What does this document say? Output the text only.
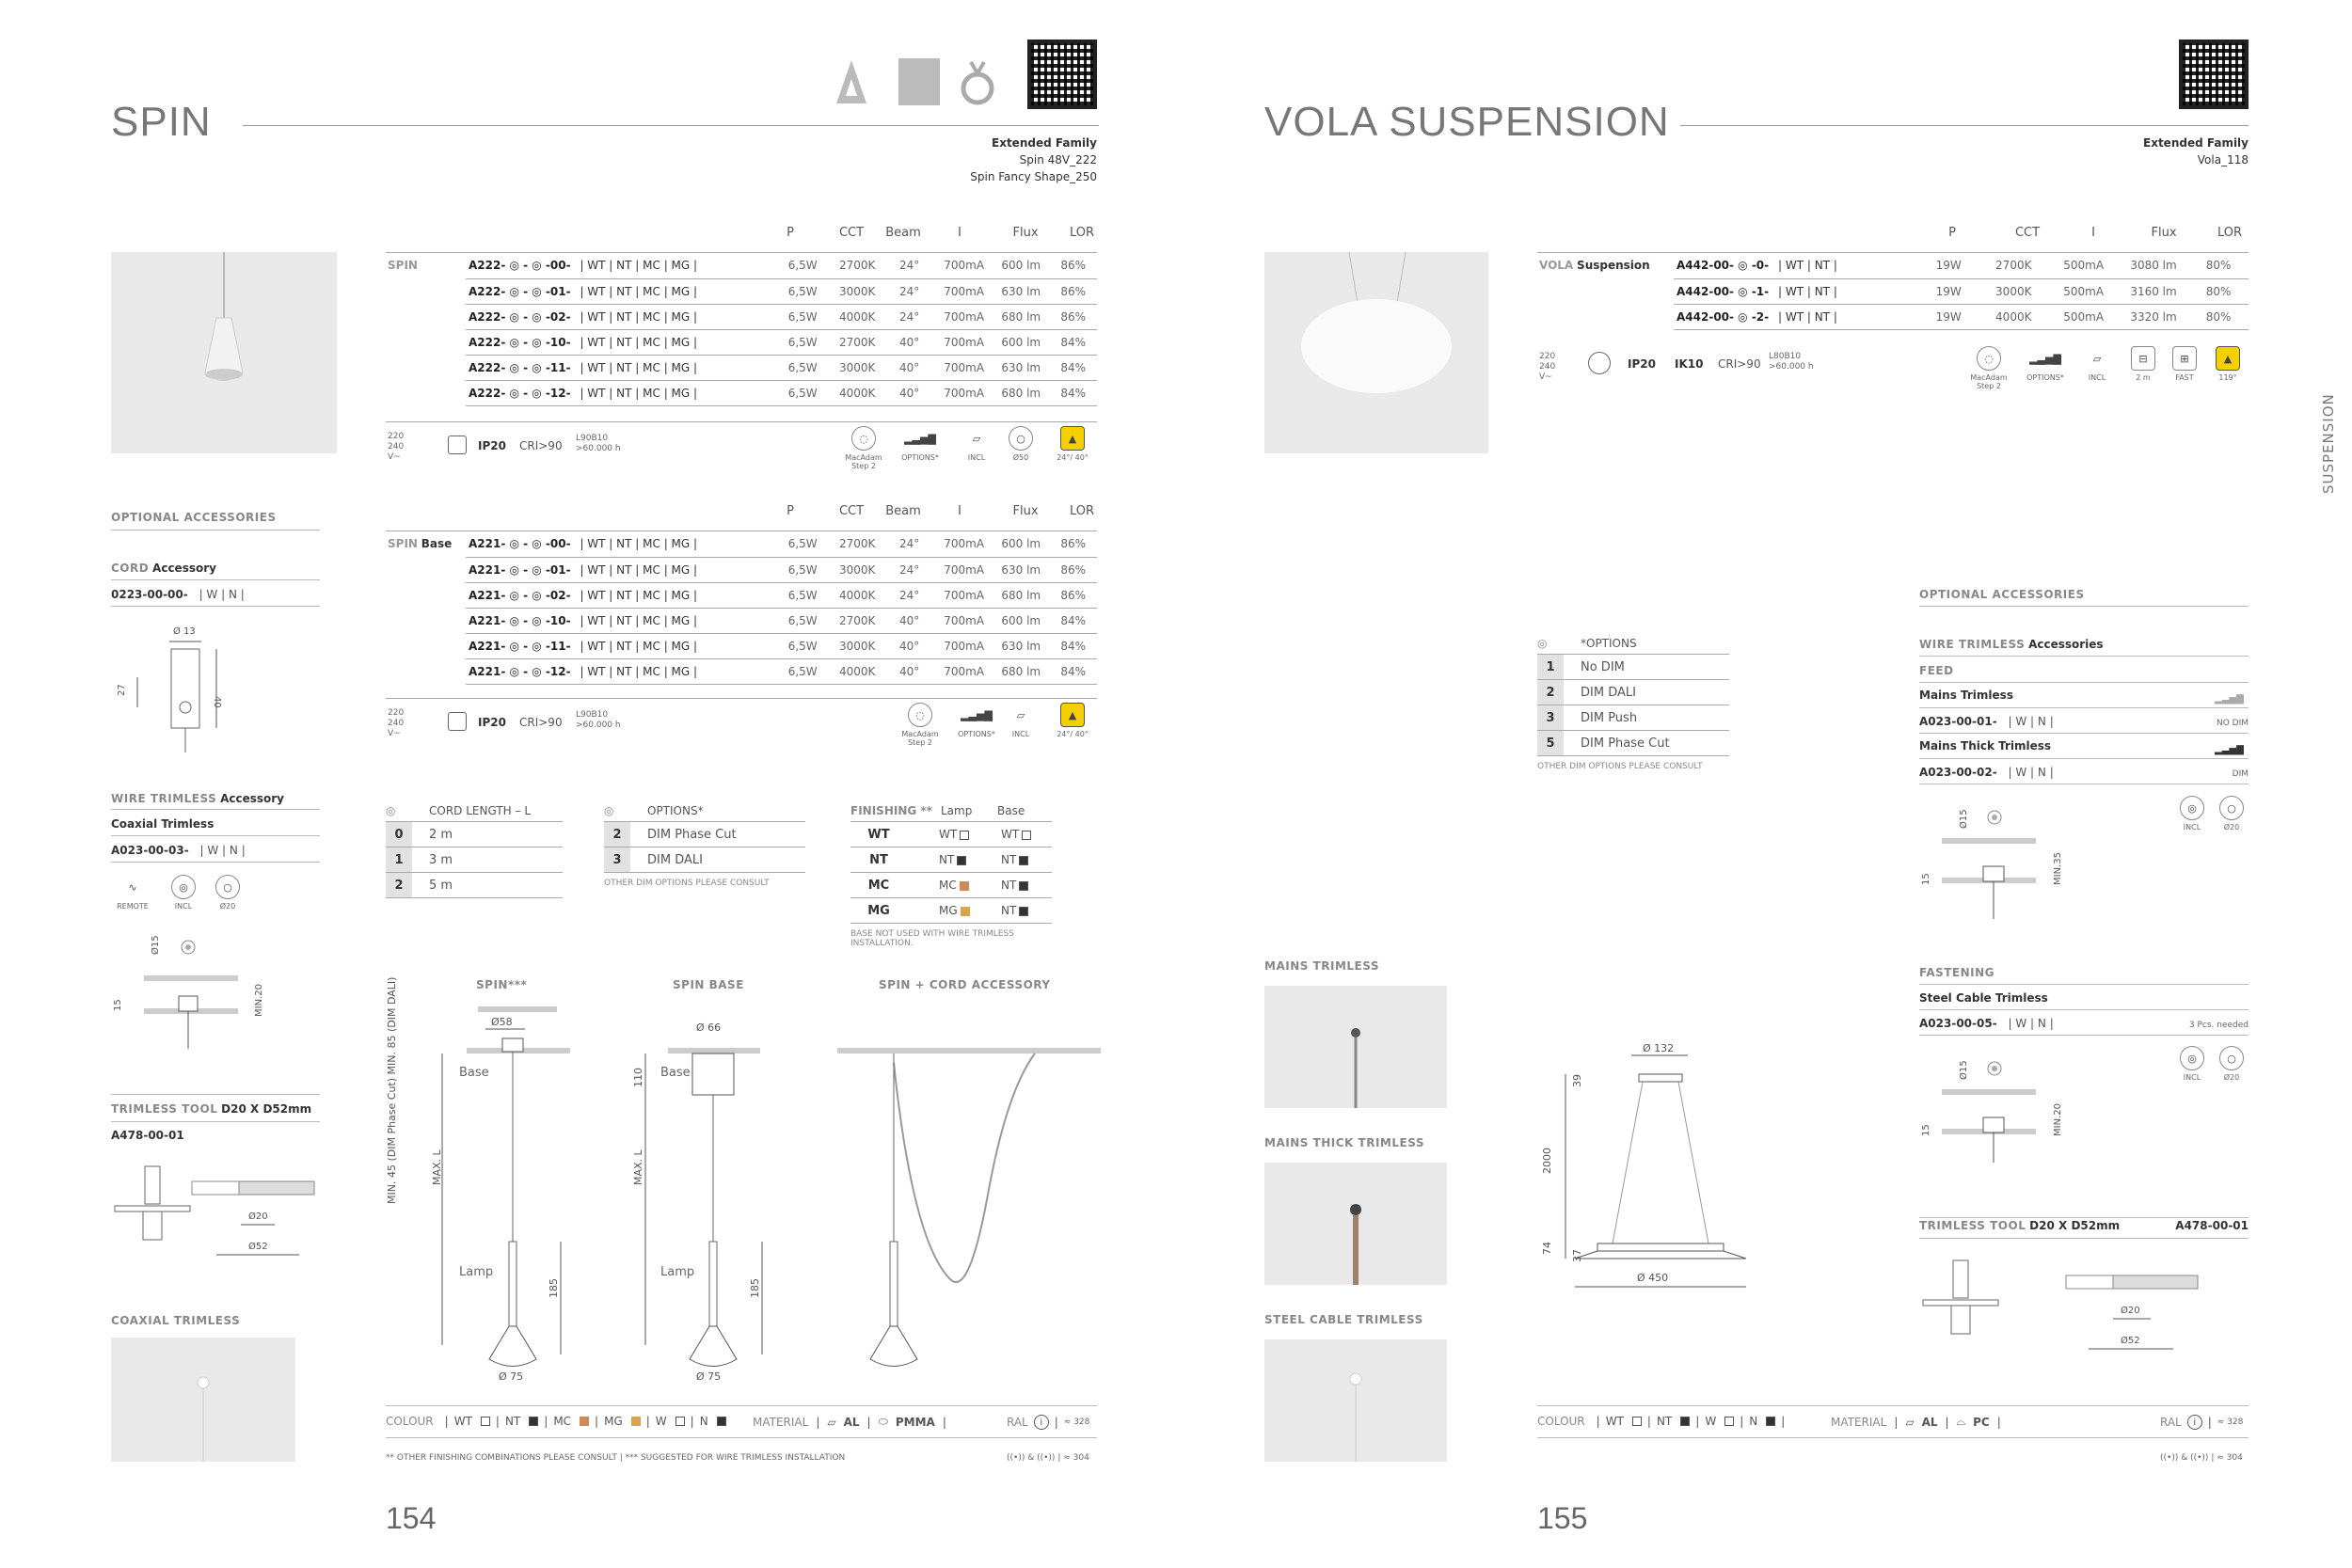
SPIN	Extended Family
Spin 48V_222
Spin Fancy Shape_250
P	CCT	Beam	I	Flux	LOR
SPIN	A222- ◎ - ◎ -00- | WT | NT | MC | MG |	6,5W	2700K	24°	700mA	600 lm	86%
A222- ◎ - ◎ -01- | WT | NT | MC | MG |	6,5W	3000K	24°	700mA	630 lm	86%
A222- ◎ - ◎ -02- | WT | NT | MC | MG |	6,5W	4000K	24°	700mA	680 lm	86%
A222- ◎ - ◎ -10- | WT | NT | MC | MG |	6,5W	2700K	40°	700mA	600 lm	84%
A222- ◎ - ◎ -11- | WT | NT | MC | MG |	6,5W	3000K	40°	700mA	630 lm	84%
A222- ◎ - ◎ -12- | WT | NT | MC | MG |	6,5W	4000K	40°	700mA	680 lm	84%
220 240 V~
IP20 CRI>90
L90B10 >60.000 h
◌
MacAdam Step 2
▂▃▅▇
OPTIONS*
▱
INCL
○
Ø50
▲
24°/ 40°
P	CCT	Beam	I	Flux	LOR
SPIN Base A221- ◎ - ◎ -00- | WT | NT | MC | MG |	6,5W	2700K	24°	700mA	600 lm	86%
A221- ◎ - ◎ -01- | WT | NT | MC | MG |	6,5W	3000K	24°	700mA	630 lm	86%
A221- ◎ - ◎ -02- | WT | NT | MC | MG |	6,5W	4000K	24°	700mA	680 lm	86%
A221- ◎ - ◎ -10- | WT | NT | MC | MG |	6,5W	2700K	40°	700mA	600 lm	84%
A221- ◎ - ◎ -11- | WT | NT | MC | MG |	6,5W	3000K	40°	700mA	630 lm	84%
A221- ◎ - ◎ -12- | WT | NT | MC | MG |	6,5W	4000K	40°	700mA	680 lm	84%
220 240 V~
IP20 CRI>90
L90B10 >60.000 h
◌
MacAdam Step 2
▂▃▅▇
OPTIONS*
▱
INCL
▲
24°/ 40°
OPTIONAL ACCESSORIES
CORD Accessory
0223-00-00- | W | N |
Ø 13
27
40
WIRE TRIMLESS Accessory
Coaxial Trimless
A023-00-03- | W | N |
∿
REMOTE
◎
INCL
○
Ø20
Ø15
15	MIN.20
TRIMLESS TOOL D20 X D52mm
A478-00-01
Ø20
Ø52
COAXIAL TRIMLESS
◎	CORD LENGTH – L
0	2 m
1	3 m
2	5 m
◎	OPTIONS*
2	DIM Phase Cut
3	DIM DALI
OTHER DIM OPTIONS PLEASE CONSULT
FINISHING ** Lamp	Base
WT	WT	WT
NT	NT	NT
MC	MC	NT
MG	MG	NT
BASE NOT USED WITH WIRE TRIMLESS INSTALLATION.
SPIN***	SPIN BASE	SPIN + CORD ACCESSORY
Ø58
Base
Lamp
Ø 75
MAX. L
MIN. 45 (DIM Phase Cut) MIN. 85 (DIM DALI)
185
Ø 66
Base
Lamp
MAX. L
110
185
Ø 75
COLOUR | WT | NT | MC | MG | W | N	MATERIAL | ▱ AL | ⬭ PMMA |	RAL	i	| ≈ 328
** OTHER FINISHING COMBINATIONS PLEASE CONSULT | *** SUGGESTED FOR WIRE TRIMLESS INSTALLATION	((•)) & ((•)) | ≈ 304
154
VOLA SUSPENSION	Extended Family
Vola_118
SUSPENSION
P	CCT	I	Flux	LOR
VOLA Suspension A442-00- ◎ -0- | WT | NT |	19W	2700K	500mA	3080 lm	80%
A442-00- ◎ -1- | WT | NT |	19W	3000K	500mA	3160 lm	80%
A442-00- ◎ -2- | WT | NT |	19W	4000K	500mA	3320 lm	80%
220 240 V~
IP20 IK10 CRI>90
L80B10 >60.000 h
◌
MacAdam Step 2
▂▃▅▇
OPTIONS*
▱
INCL
⊟
2 m
⊞
FAST
▲
119°
◎	*OPTIONS
1	No DIM
2	DIM DALI
3	DIM Push
5	DIM Phase Cut
OTHER DIM OPTIONS PLEASE CONSULT
OPTIONAL ACCESSORIES
WIRE TRIMLESS Accessories
FEED
Mains Trimless	▂▃▅▇
A023-00-01- | W | N |	NO DIM
Mains Thick Trimless	▂▃▅▇
A023-00-02- | W | N |	DIM
◎
INCL
○
Ø20
Ø15
15	MIN.35
FASTENING
Steel Cable Trimless
A023-00-05- | W | N |	3 Pcs. needed
◎
INCL
○
Ø20
Ø15
15	MIN.20
TRIMLESS TOOL D20 X D52mm	A478-00-01
Ø20
Ø52
MAINS TRIMLESS
MAINS THICK TRIMLESS
STEEL CABLE TRIMLESS
Ø 132
Ø 450
2000
39
74
37
COLOUR | WT | NT | W | N |	MATERIAL | ▱ AL | ⌓ PC |	RAL	i	| ≈ 328
((•)) & ((•)) | ≈ 304
155
